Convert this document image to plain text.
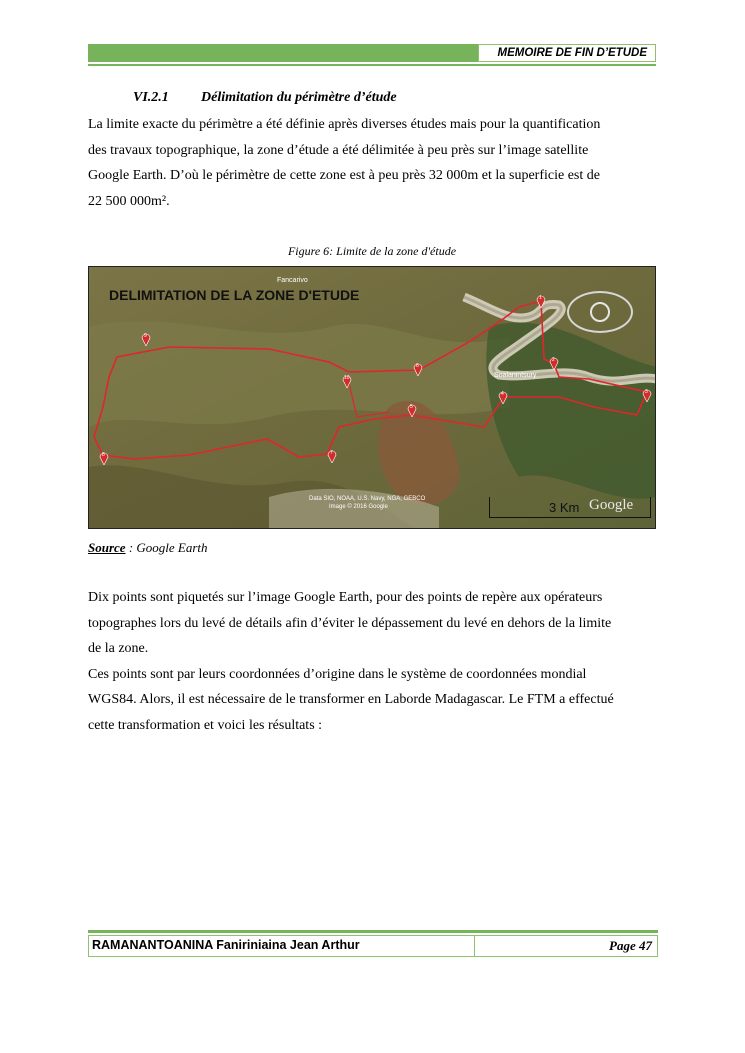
MEMOIRE DE FIN D’ETUDE
VI.2.1 Délimitation du périmètre d’étude
La limite exacte du périmètre a été définie après diverses études mais pour la quantification
des travaux topographique, la zone d’étude a été délimitée à peu près sur l’image satellite
Google Earth. D’où le périmètre de cette zone est à peu près 32 000m et la superficie est de
22 500 000m².
Figure 6: Limite de la zone d'étude
DELIMITATION DE LA ZONE D'ETUDE
Fancarivo
Soalanintsury
Data SIO, NOAA, U.S. Navy, NGA, GEBCO
Image © 2016 Google	3 Km Google
1
2
3
4
5
6
7
8
9
10
Source : Google Earth
Dix points sont piquetés sur l’image Google Earth, pour des points de repère aux opérateurs
topographes lors du levé de détails afin d’éviter le dépassement du levé en dehors de la limite
de la zone.
Ces points sont par leurs coordonnées d’origine dans le système de coordonnées mondial
WGS84. Alors, il est nécessaire de le transformer en Laborde Madagascar. Le FTM a effectué
cette transformation et voici les résultats :
RAMANANTOANINA Faniriniaina Jean Arthur	Page 47
